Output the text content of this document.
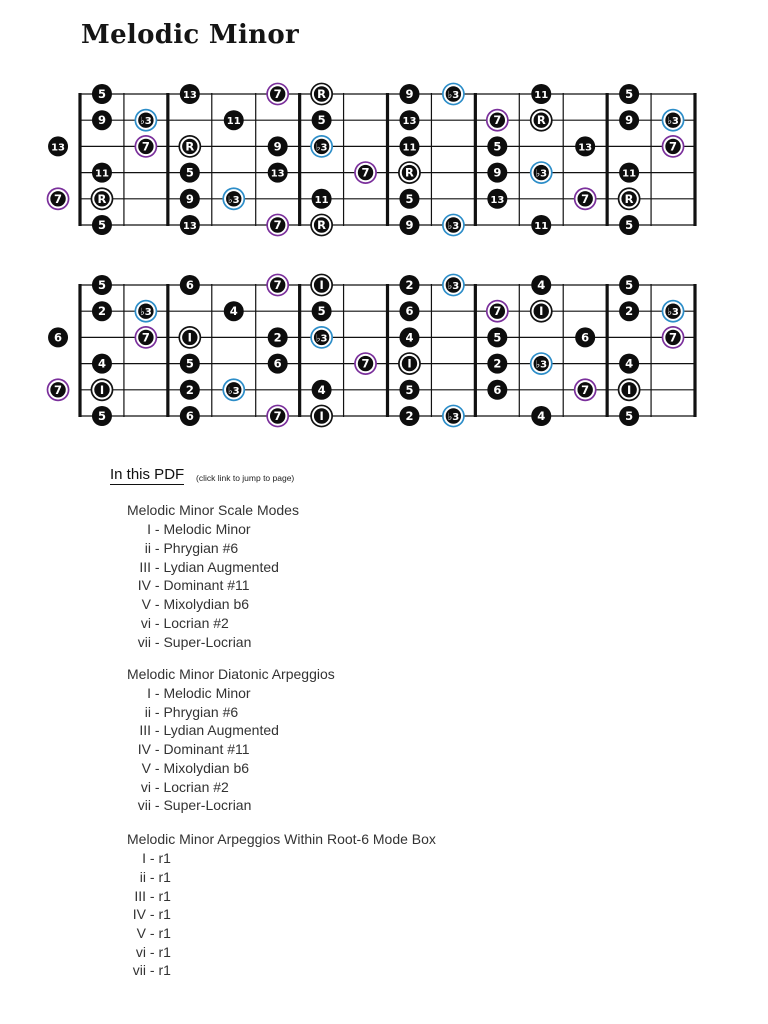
Melodic Minor
5	13	7	R	9	♭3	11	5
9	♭3	11	5	13	7	R	9	♭3
7	R	9	♭3	11	5	13	7
11	5	13	7	R	9	♭3	11
R	9	♭3	11	5	13	7	R
5	13	7	R	9	♭3	11	5
13
7
5	6	7	I	2	♭3	4	5
2	♭3	4	5	6	7	I	2	♭3
7	I	2	♭3	4	5	6	7
4	5	6	7	I	2	♭3	4
I	2	♭3	4	5	6	7	I
5	6	7	I	2	♭3	4	5
6
7
In this PDF (click link to jump to page)
Melodic Minor Scale Modes
I - Melodic Minor
ii - Phrygian #6
III - Lydian Augmented
IV - Dominant #11
V - Mixolydian b6
vi - Locrian #2
vii - Super-Locrian
Melodic Minor Diatonic Arpeggios
I - Melodic Minor
ii - Phrygian #6
III - Lydian Augmented
IV - Dominant #11
V - Mixolydian b6
vi - Locrian #2
vii - Super-Locrian
Melodic Minor Arpeggios Within Root-6 Mode Box
I - r1
ii - r1
III - r1
IV - r1
V - r1
vi - r1
vii - r1
